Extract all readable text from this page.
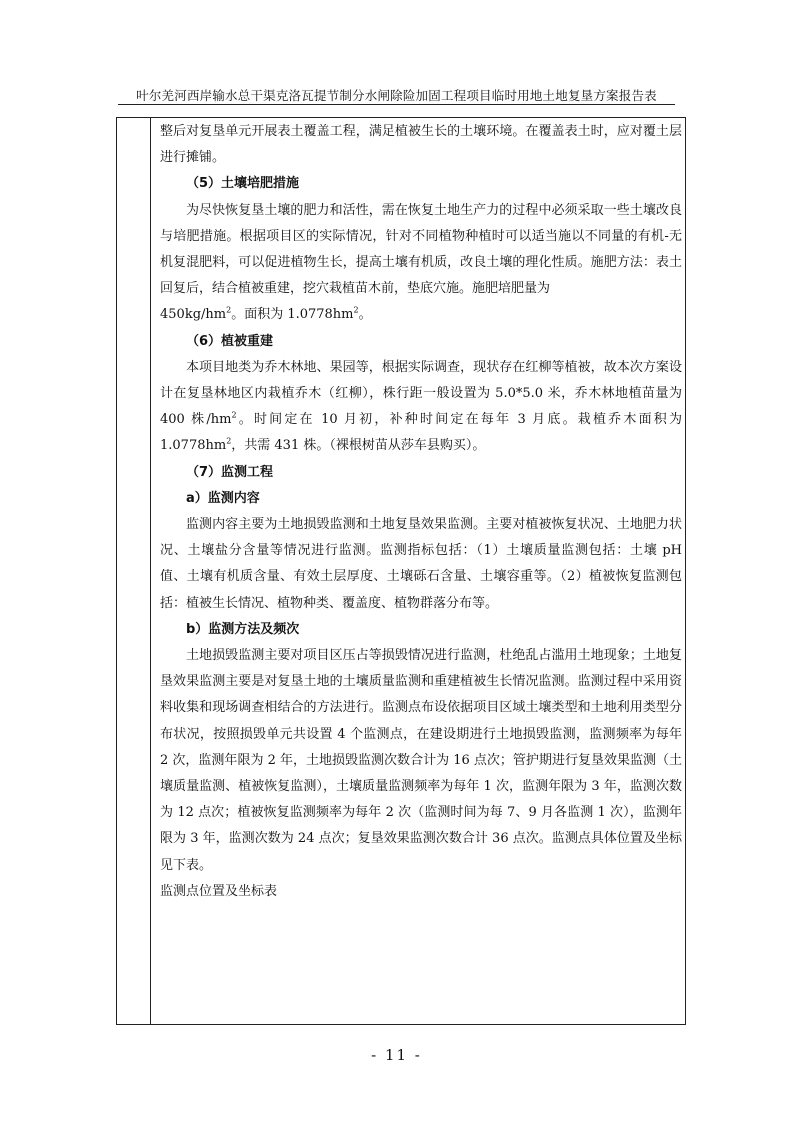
叶尔羌河西岸输水总干渠克洛瓦提节制分水闸除险加固工程项目临时用地土地复垦方案报告表

整后对复垦单元开展表土覆盖工程，满足植被生长的土壤环境。在覆盖表土时，应对覆土层进行摊铺。

（5）土壤培肥措施

为尽快恢复垦土壤的肥力和活性，需在恢复土地生产力的过程中必须采取一些土壤改良与培肥措施。根据项目区的实际情况，针对不同植物种植时可以适当施以不同量的有机-无机复混肥料，可以促进植物生长，提高土壤有机质，改良土壤的理化性质。施肥方法：表土回复后，结合植被重建，挖穴栽植苗木前，垫底穴施。施肥培肥量为
$450kg/hm^2$。面积为 $1.0778hm^2$。

（6）植被重建

本项目地类为乔木林地、果园等，根据实际调查，现状存在红柳等植被，故本次方案设计在复垦林地区内栽植乔木（红柳），株行距一般设置为 5.0*5.0 米，乔木林地植苗量为 400 株$/hm^2$。时间定在 10 月初，补种时间定在每年 3 月底。栽植乔木面积为 $1.0778hm^2$，共需 431 株。（裸根树苗从莎车县购买）。

（7）监测工程

a）监测内容

监测内容主要为土地损毁监测和土地复垦效果监测。主要对植被恢复状况、土地肥力状况、土壤盐分含量等情况进行监测。监测指标包括：（1）土壤质量监测包括：土壤 pH 值、土壤有机质含量、有效土层厚度、土壤砾石含量、土壤容重等。（2）植被恢复监测包括：植被生长情况、植物种类、覆盖度、植物群落分布等。

b）监测方法及频次

土地损毁监测主要对项目区压占等损毁情况进行监测，杜绝乱占滥用土地现象；土地复垦效果监测主要是对复垦土地的土壤质量监测和重建植被生长情况监测。监测过程中采用资料收集和现场调查相结合的方法进行。监测点布设依据项目区域土壤类型和土地利用类型分布状况，按照损毁单元共设置 4 个监测点，在建设期进行土地损毁监测，监测频率为每年 2 次，监测年限为 2 年，土地损毁监测次数合计为 16 点次；管护期进行复垦效果监测（土壤质量监测、植被恢复监测），土壤质量监测频率为每年 1 次，监测年限为 3 年，监测次数为 12 点次；植被恢复监测频率为每年 2 次（监测时间为每 7、9 月各监测 1 次），监测年限为 3 年，监测次数为 24 点次；复垦效果监测次数合计 36 点次。监测点具体位置及坐标见下表。

监测点位置及坐标表

- 11 -
